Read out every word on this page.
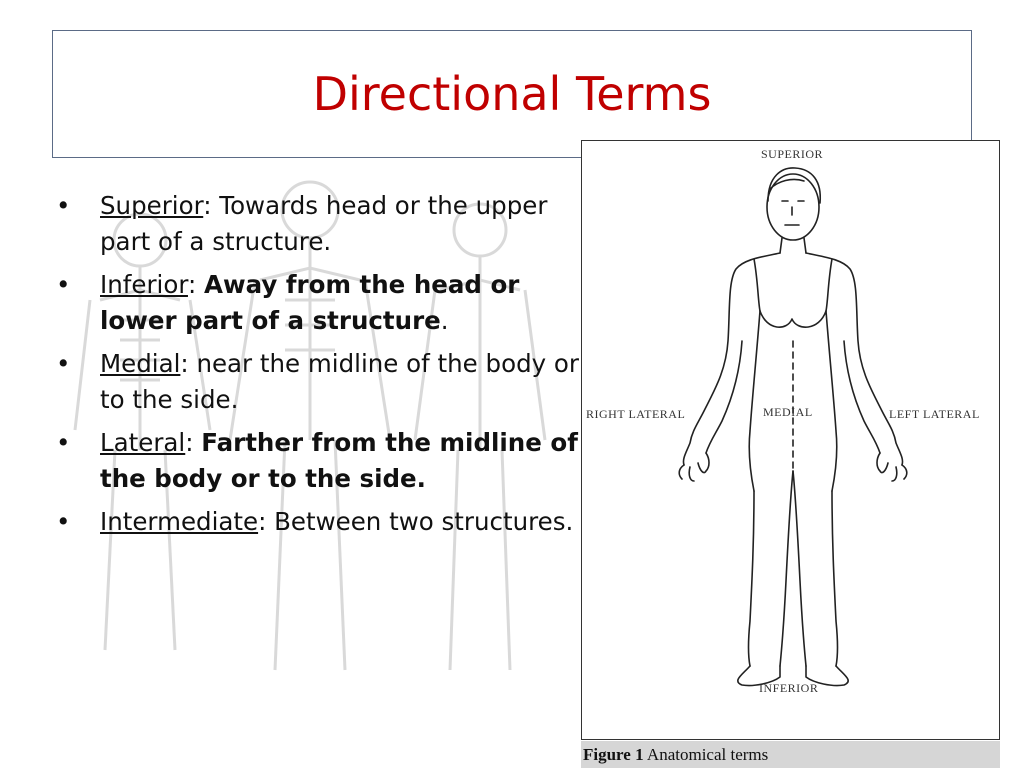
Directional Terms
• Superior: Towards head or the upper part of a structure.
• Inferior: Away from the head or lower part of a structure.
• Medial: near the midline of the body or to the side.
• Lateral: Farther from the midline of the body or to the side.
• Intermediate: Between two structures.
SUPERIOR
RIGHT LATERAL	MEDIAL	LEFT LATERAL
INFERIOR
Figure 1 Anatomical terms
